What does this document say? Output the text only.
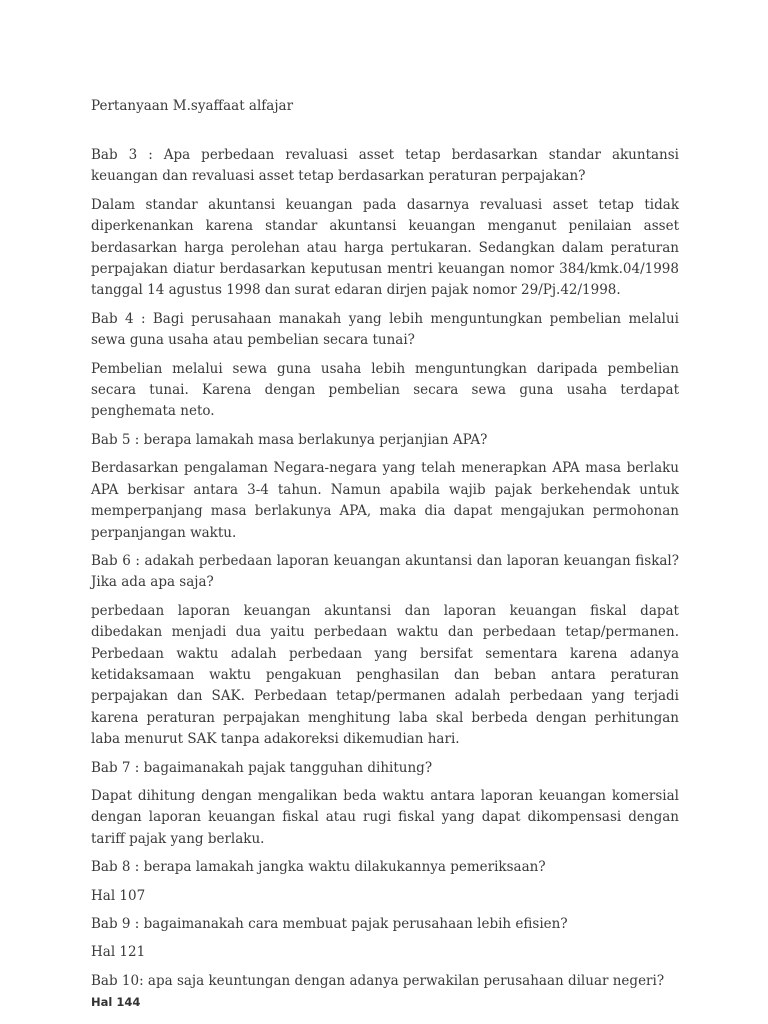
Pertanyaan M.syaffaat alfajar

Bab 3 : Apa perbedaan revaluasi asset tetap berdasarkan standar akuntansi keuangan dan revaluasi asset tetap berdasarkan peraturan perpajakan?

Dalam standar akuntansi keuangan pada dasarnya revaluasi asset tetap tidak diperkenankan karena standar akuntansi keuangan menganut penilaian asset berdasarkan harga perolehan atau harga pertukaran. Sedangkan dalam peraturan perpajakan diatur berdasarkan keputusan mentri keuangan nomor 384/kmk.04/1998 tanggal 14 agustus 1998 dan surat edaran dirjen pajak nomor 29/Pj.42/1998.

Bab 4 : Bagi perusahaan manakah yang lebih menguntungkan pembelian melalui sewa guna usaha atau pembelian secara tunai?

Pembelian melalui sewa guna usaha lebih menguntungkan daripada pembelian secara tunai. Karena dengan pembelian secara sewa guna usaha terdapat penghemata neto.

Bab 5 : berapa lamakah masa berlakunya perjanjian APA?

Berdasarkan pengalaman Negara-negara yang telah menerapkan APA masa berlaku APA berkisar antara 3-4 tahun. Namun apabila wajib pajak berkehendak untuk memperpanjang masa berlakunya APA, maka dia dapat mengajukan permohonan perpanjangan waktu.

Bab 6 : adakah perbedaan laporan keuangan akuntansi dan laporan keuangan fiskal? Jika ada apa saja?

perbedaan laporan keuangan akuntansi dan laporan keuangan fiskal dapat dibedakan menjadi dua yaitu perbedaan waktu dan perbedaan tetap/permanen. Perbedaan waktu adalah perbedaan yang bersifat sementara karena adanya ketidaksamaan waktu pengakuan penghasilan dan beban antara peraturan perpajakan dan SAK. Perbedaan tetap/permanen adalah perbedaan yang terjadi karena peraturan perpajakan menghitung laba skal berbeda dengan perhitungan laba menurut SAK tanpa adakoreksi dikemudian hari.

Bab 7 : bagaimanakah pajak tangguhan dihitung?

Dapat dihitung dengan mengalikan beda waktu antara laporan keuangan komersial dengan laporan keuangan fiskal atau rugi fiskal yang dapat dikompensasi dengan tariff pajak yang berlaku.

Bab 8 : berapa lamakah jangka waktu dilakukannya pemeriksaan?

Hal 107

Bab 9 : bagaimanakah cara membuat pajak perusahaan lebih efisien?

Hal 121

Bab 10: apa saja keuntungan dengan adanya perwakilan perusahaan diluar negeri?

Hal 144
